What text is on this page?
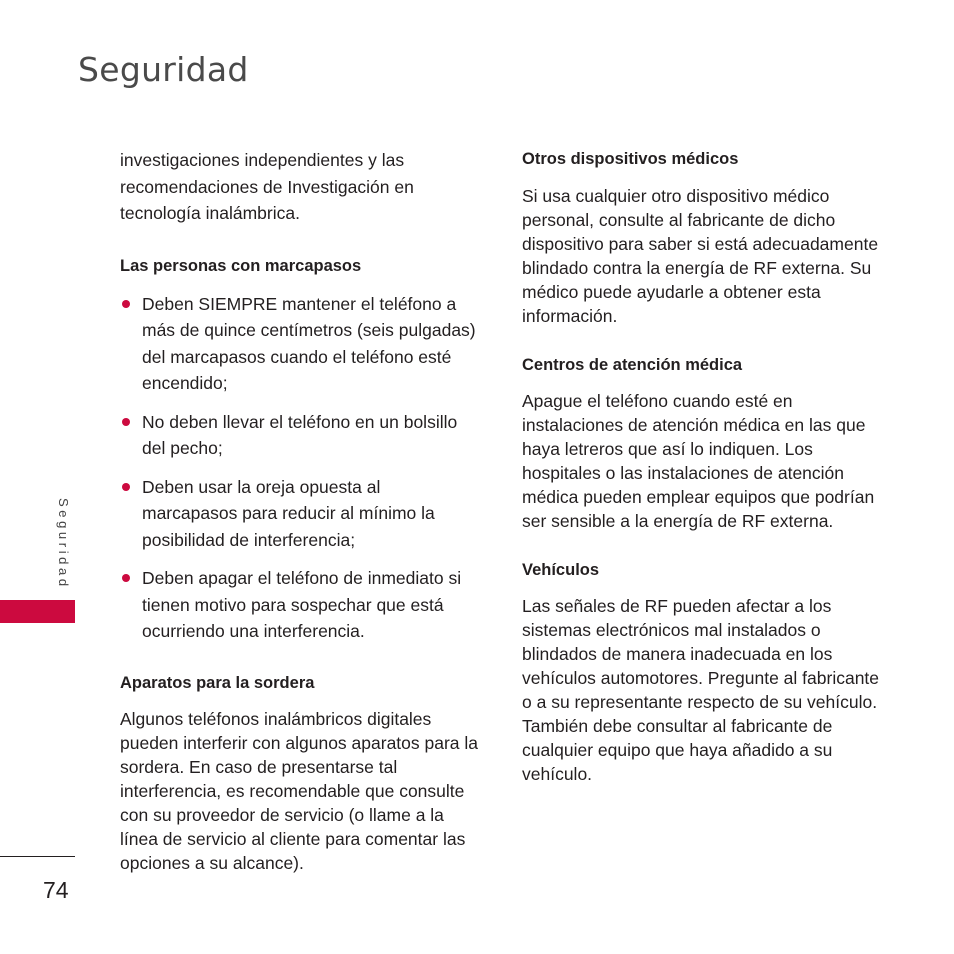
Seguridad
Seguridad
74

investigaciones independientes y las recomendaciones de Investigación en tecnología inalámbrica.

Las personas con marcapasos

Deben SIEMPRE mantener el teléfono a más de quince centímetros (seis pulgadas) del marcapasos cuando el teléfono esté encendido;
No deben llevar el teléfono en un bolsillo del pecho;
Deben usar la oreja opuesta al marcapasos para reducir al mínimo la posibilidad de interferencia;
Deben apagar el teléfono de inmediato si tienen motivo para sospechar que está ocurriendo una interferencia.

Aparatos para la sordera

Algunos teléfonos inalámbricos digitales pueden interferir con algunos aparatos para la sordera. En caso de presentarse tal interferencia, es recomendable que consulte con su proveedor de servicio (o llame a la línea de servicio al cliente para comentar las opciones a su alcance).

Otros dispositivos médicos

Si usa cualquier otro dispositivo médico personal, consulte al fabricante de dicho dispositivo para saber si está adecuadamente blindado contra la energía de RF externa. Su médico puede ayudarle a obtener esta información.

Centros de atención médica

Apague el teléfono cuando esté en instalaciones de atención médica en las que haya letreros que así lo indiquen. Los hospitales o las instalaciones de atención médica pueden emplear equipos que podrían ser sensible a la energía de RF externa.

Vehículos

Las señales de RF pueden afectar a los sistemas electrónicos mal instalados o blindados de manera inadecuada en los vehículos automotores. Pregunte al fabricante o a su representante respecto de su vehículo. También debe consultar al fabricante de cualquier equipo que haya añadido a su vehículo.
